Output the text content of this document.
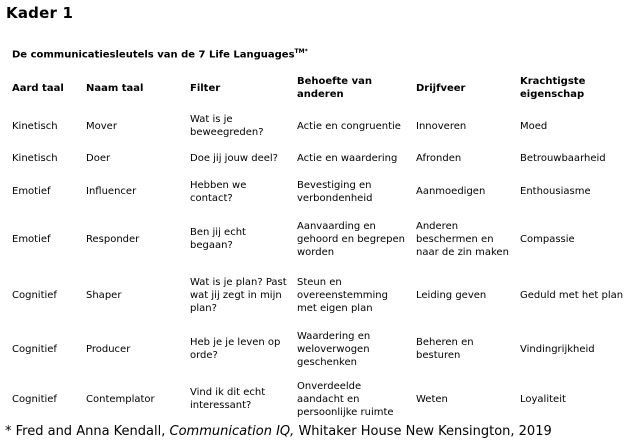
Kader 1
De communicatiesleutels van de 7 Life Languages$^{TM*}$
Aard taal	Naam taal	Filter	Behoefte van anderen	Drijfveer	Krachtigste eigenschap
Kinetisch	Mover	Wat is je beweegreden?	Actie en congruentie	Innoveren	Moed
Kinetisch	Doer	Doe jij jouw deel?	Actie en waardering	Afronden	Betrouwbaarheid
Emotief	Influencer	Hebben we contact?	Bevestiging en verbondenheid	Aanmoedigen	Enthousiasme
Emotief	Responder	Ben jij echt begaan?	Aanvaarding en gehoord en begrepen worden	Anderen beschermen en naar de zin maken	Compassie
Cognitief	Shaper	Wat is je plan? Past wat jij zegt in mijn plan?	Steun en overeenstemming met eigen plan	Leiding geven	Geduld met het plan
Cognitief	Producer	Heb je je leven op orde?	Waardering en weloverwogen geschenken	Beheren en besturen	Vindingrijkheid
Cognitief	Contemplator	Vind ik dit echt interessant?	Onverdeelde aandacht en persoonlijke ruimte	Weten	Loyaliteit
* Fred and Anna Kendall, Communication IQ, Whitaker House New Kensington, 2019
